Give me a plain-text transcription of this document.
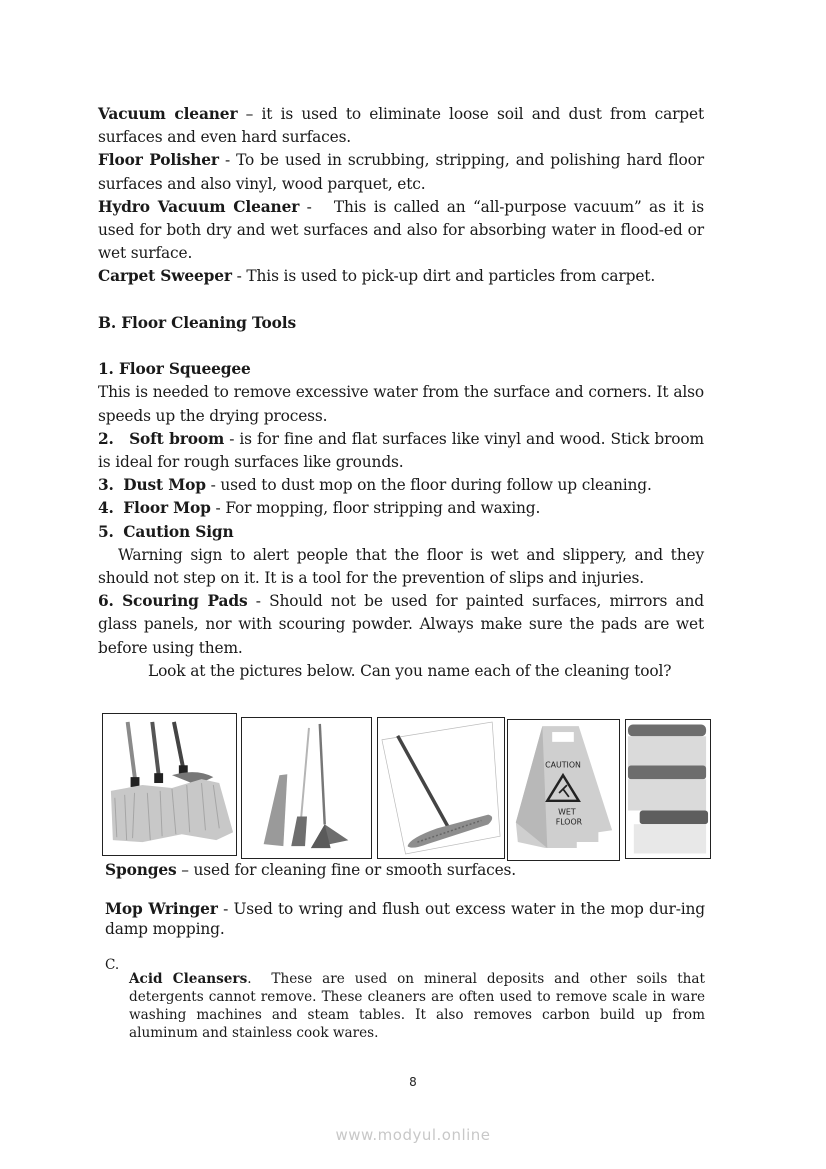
Vacuum cleaner – it is used to eliminate loose soil and dust from carpet surfaces and even hard surfaces.

Floor Polisher - To be used in scrubbing, stripping, and polishing hard floor surfaces and also vinyl, wood parquet, etc.

Hydro Vacuum Cleaner -   This is called an “all-purpose vacuum” as it is used for both dry and wet surfaces and also for absorbing water in flood-ed or wet surface.

Carpet Sweeper - This is used to pick-up dirt and particles from carpet.

B. Floor Cleaning Tools

1. Floor Squeegee

This is needed to remove excessive water from the surface and corners. It also speeds up the drying process.

2. Soft broom - is for fine and flat surfaces like vinyl and wood. Stick broom is ideal for rough surfaces like grounds.

3. Dust Mop - used to dust mop on the floor during follow up cleaning.

4. Floor Mop - For mopping, floor stripping and waxing.

5. Caution Sign

Warning sign to alert people that the floor is wet and slippery, and they should not step on it. It is a tool for the prevention of slips and injuries.

6. Scouring Pads - Should not be used for painted surfaces, mirrors and glass panels, nor with scouring powder. Always make sure the pads are wet before using them.

Look at the pictures below. Can you name each of the cleaning tool?

CAUTION
WET
FLOOR

Sponges – used for cleaning fine or smooth surfaces.

Mop Wringer - Used to wring and flush out excess water in the mop dur-ing damp mopping.

C.

Acid Cleansers.  These are used on mineral deposits and other soils that detergents cannot remove. These cleaners are often used to remove scale in ware washing machines and steam tables. It also removes carbon build up from aluminum and stainless cook wares.

8
www.modyul.online
